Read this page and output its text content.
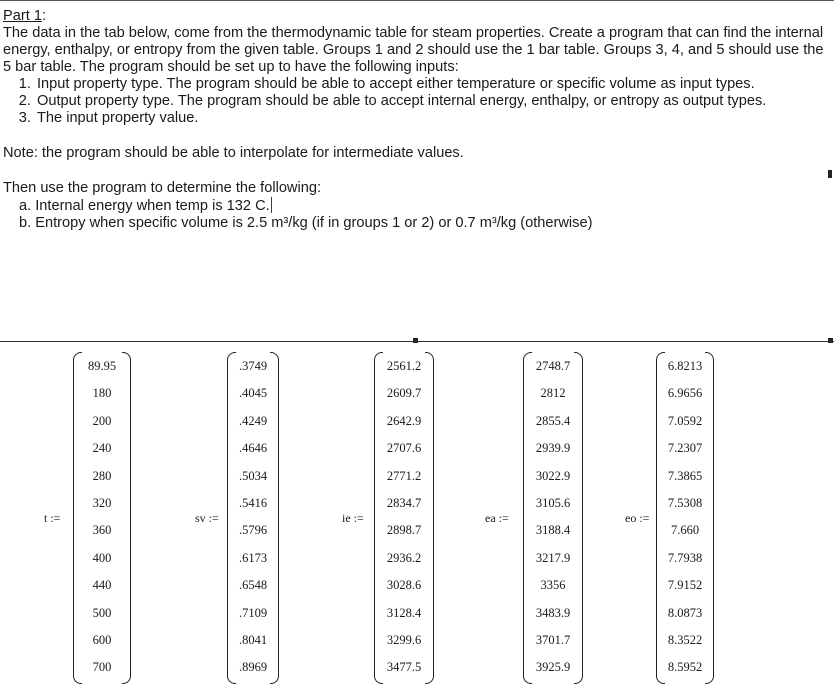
Part 1:

The data in the tab below, come from the thermodynamic table for steam properties. Create a program that can find the internal energy, enthalpy, or entropy from the given table. Groups 1 and 2 should use the 1 bar table. Groups 3, 4, and 5 should use the 5 bar table. The program should be set up to have the following inputs:

1. Input property type. The program should be able to accept either temperature or specific volume as input types.
2. Output property type. The program should be able to accept internal energy, enthalpy, or entropy as output types.
3. The input property value.

Note: the program should be able to interpolate for intermediate values.

Then use the program to determine the following:

a. Internal energy when temp is 132 C.

b. Entropy when specific volume is 2.5 m³/kg (if in groups 1 or 2) or 0.7 m³/kg (otherwise)

t :=
89.95
180
200
240
280
320
360
400
440
500
600
700
sv :=
.3749
.4045
.4249
.4646
.5034
.5416
.5796
.6173
.6548
.7109
.8041
.8969
ie :=
2561.2
2609.7
2642.9
2707.6
2771.2
2834.7
2898.7
2936.2
3028.6
3128.4
3299.6
3477.5
ea :=
2748.7
2812
2855.4
2939.9
3022.9
3105.6
3188.4
3217.9
3356
3483.9
3701.7
3925.9
eo :=
6.8213
6.9656
7.0592
7.2307
7.3865
7.5308
7.660
7.7938
7.9152
8.0873
8.3522
8.5952
